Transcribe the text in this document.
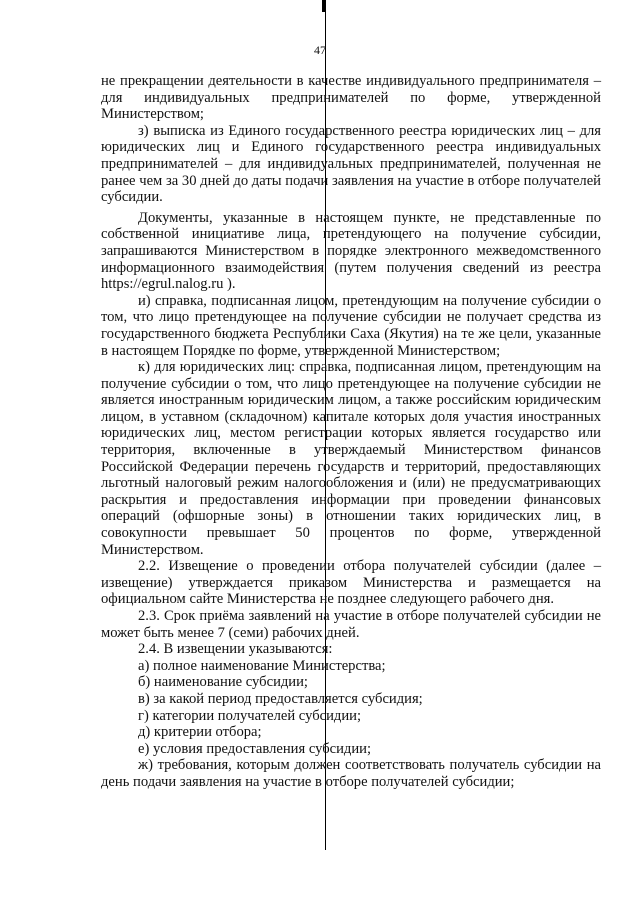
47

не прекращении деятельности в качестве индивидуального предпринимателя – для индивидуальных предпринимателей по форме, утвержденной Министерством;

з) выписка из Единого государственного реестра юридических лиц – для юридических лиц и Единого государственного реестра индивидуальных предпринимателей – для индивидуальных предпринимателей, полученная не ранее чем за 30 дней до даты подачи заявления на участие в отборе получателей субсидии.

Документы, указанные в настоящем пункте, не представленные по собственной инициативе лица, претендующего на получение субсидии, запрашиваются Министерством в порядке электронного межведомственного информационного взаимодействия (путем получения сведений из реестра https://egrul.nalog.ru ).

и) справка, подписанная лицом, претендующим на получение субсидии о том, что лицо претендующее на получение субсидии не получает средства из государственного бюджета Республики Саха (Якутия) на те же цели, указанные в настоящем Порядке по форме, утвержденной Министерством;

к) для юридических лиц: справка, подписанная лицом, претендующим на получение субсидии о том, что лицо претендующее на получение субсидии не является иностранным юридическим лицом, а также российским юридическим лицом, в уставном (складочном) капитале которых доля участия иностранных юридических лиц, местом регистрации которых является государство или территория, включенные в утверждаемый Министерством финансов Российской Федерации перечень государств и территорий, предоставляющих льготный налоговый режим налогообложения и (или) не предусматривающих раскрытия и предоставления информации при проведении финансовых операций (офшорные зоны) в отношении таких юридических лиц, в совокупности превышает 50 процентов по форме, утвержденной Министерством.

2.2. Извещение о проведении отбора получателей субсидии (далее – извещение) утверждается приказом Министерства и размещается на официальном сайте Министерства не позднее следующего рабочего дня.

2.3. Срок приёма заявлений на участие в отборе получателей субсидии не может быть менее 7 (семи) рабочих дней.

2.4. В извещении указываются:

а) полное наименование Министерства;

б) наименование субсидии;

в) за какой период предоставляется субсидия;

г) категории получателей субсидии;

д) критерии отбора;

е) условия предоставления субсидии;

ж) требования, которым должен соответствовать получатель субсидии на день подачи заявления на участие в отборе получателей субсидии;
